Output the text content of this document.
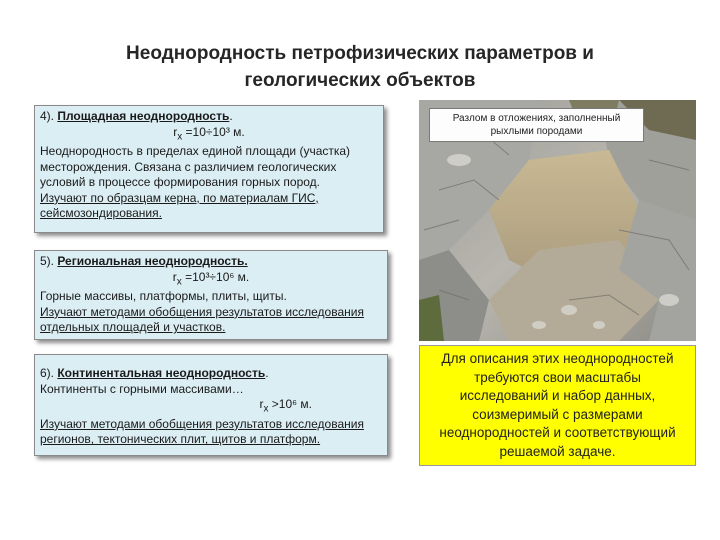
Неоднородность петрофизических параметров и
геологических объектов
4). Площадная неоднородность.
$r_x =10\div 10^3$ м.
Неоднородность в пределах единой площади (участка)
месторождения. Связана с различием геологических
условий в процессе формирования горных пород.
Изучают по образцам керна, по материалам ГИС,
сейсмозондирования.
5). Региональная неоднородность.
$r_x =10^3\div 10^6$ м.
Горные массивы, платформы, плиты, щиты.
Изучают методами обобщения результатов исследования
отдельных площадей и участков.
6). Континентальная неоднородность.
Континенты с горными массивами…
$r_x >10^6$ м.
Изучают методами обобщения результатов исследования
регионов, тектонических плит, щитов и платформ.
Разлом в отложениях, заполненный
рыхлыми породами
Для описания этих неоднородностей
требуются свои масштабы
исследований и набор данных,
соизмеримый с размерами
неоднородностей и соответствующий
решаемой задаче.
